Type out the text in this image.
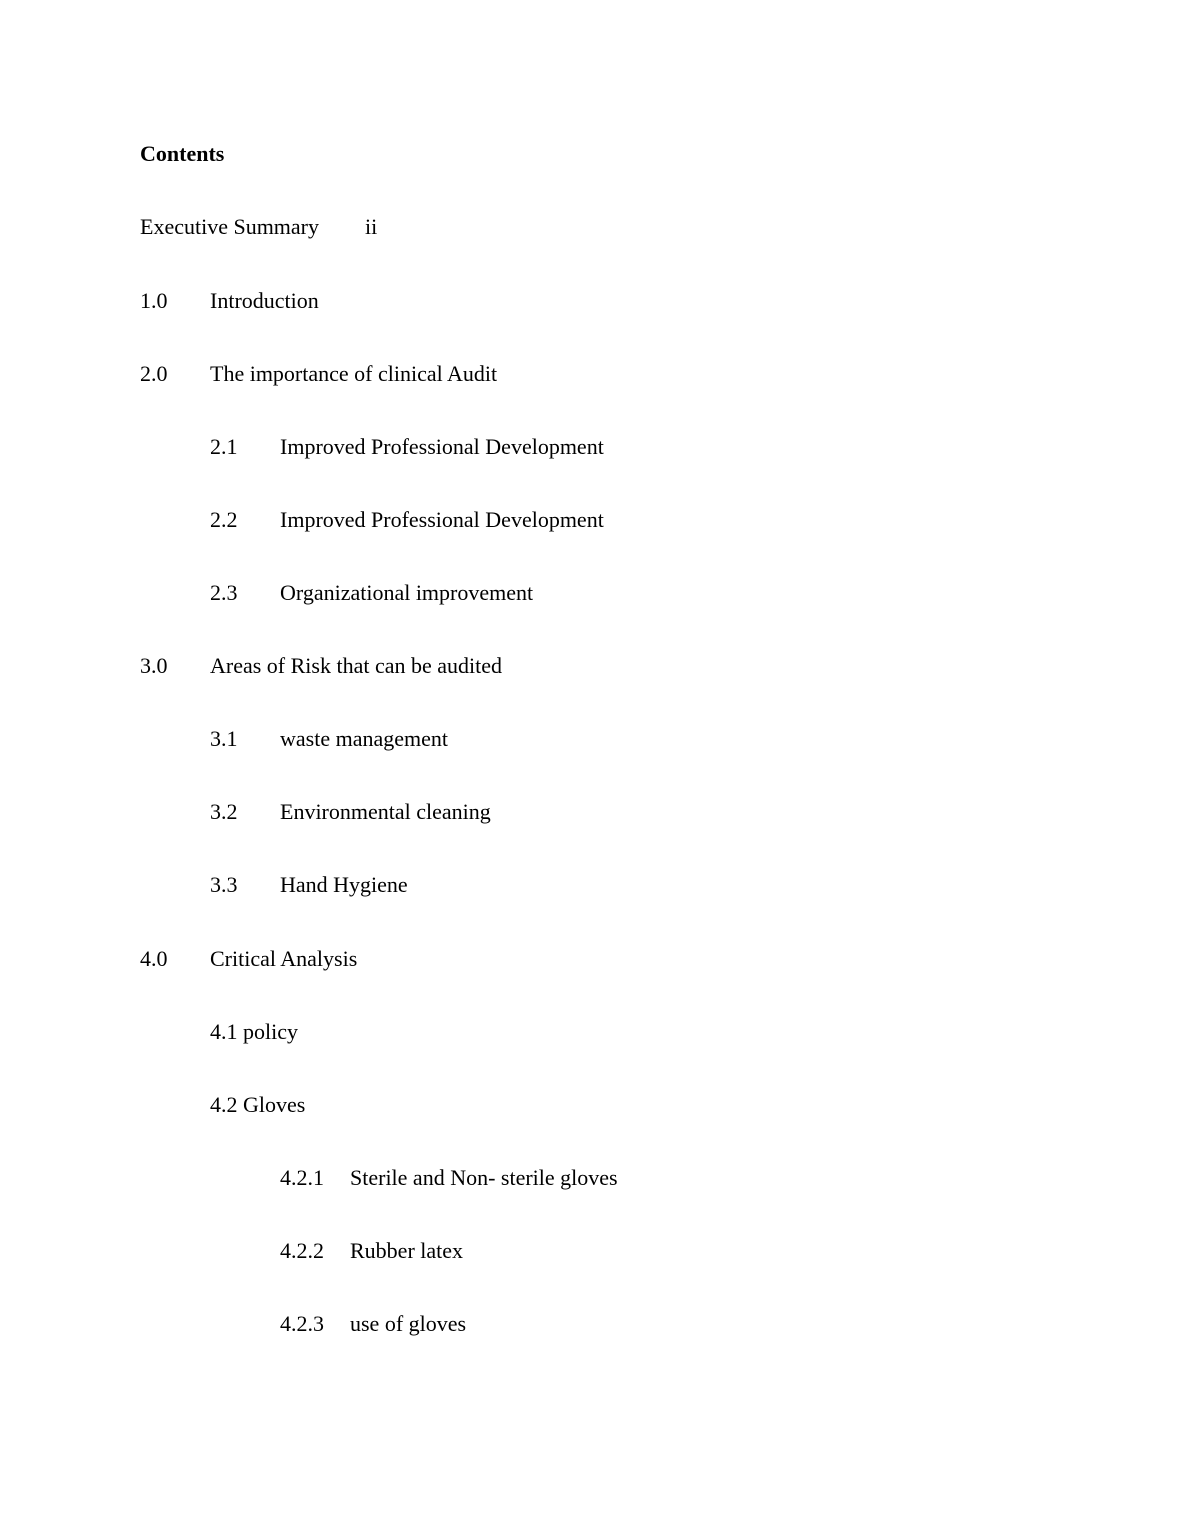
Contents
Executive Summary ii
1.0 Introduction
2.0 The importance of clinical Audit
2.1 Improved Professional Development
2.2 Improved Professional Development
2.3 Organizational improvement
3.0 Areas of Risk that can be audited
3.1 waste management
3.2 Environmental cleaning
3.3 Hand Hygiene
4.0 Critical Analysis
4.1 policy
4.2 Gloves
4.2.1 Sterile and Non- sterile gloves
4.2.2 Rubber latex
4.2.3 use of gloves
